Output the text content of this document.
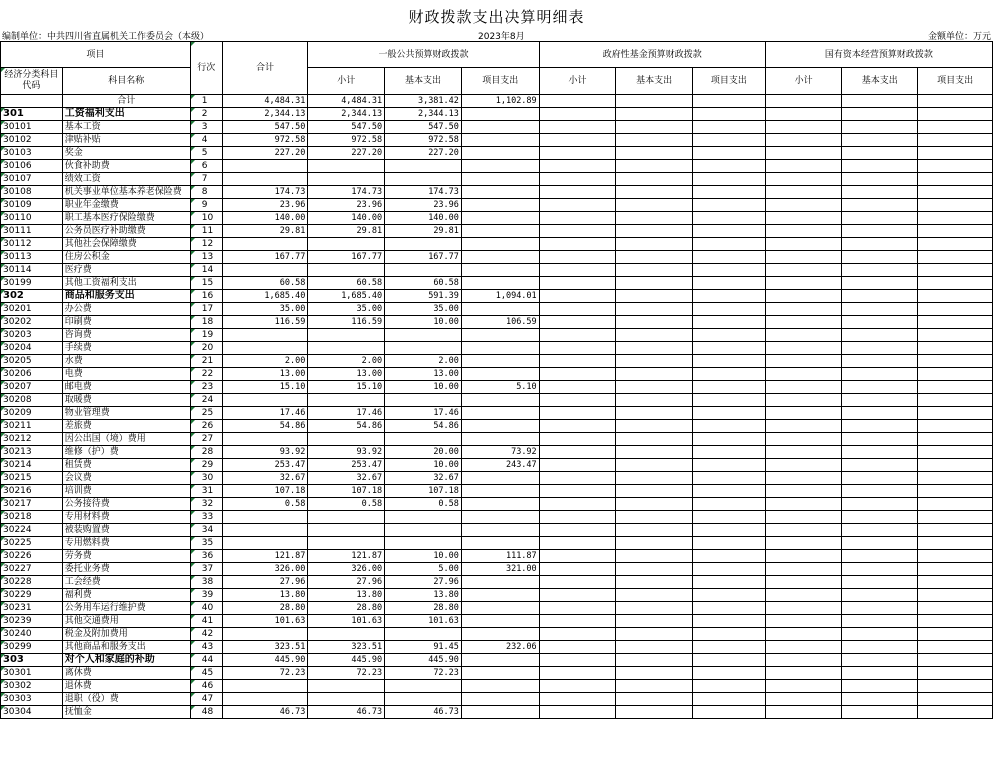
财政拨款支出决算明细表
编制单位：中共四川省直属机关工作委员会（本级）	2023年8月	金额单位：万元
项目		行次	合计	一般公共预算财政拨款			政府性基金预算财政拨款			国有资本经营预算财政拨款		
经济分类科目代码	科目名称			小计	基本支出	项目支出	小计	基本支出	项目支出	小计	基本支出	项目支出
	合计	1	4,484.31	4,484.31	3,381.42	1,102.89						
301	工资福利支出	2	2,344.13	2,344.13	2,344.13							
30101	基本工资	3	547.50	547.50	547.50							
30102	津贴补贴	4	972.58	972.58	972.58							
30103	奖金	5	227.20	227.20	227.20							
30106	伙食补助费	6										
30107	绩效工资	7										
30108	机关事业单位基本养老保险费	8	174.73	174.73	174.73							
30109	职业年金缴费	9	23.96	23.96	23.96							
30110	职工基本医疗保险缴费	10	140.00	140.00	140.00							
30111	公务员医疗补助缴费	11	29.81	29.81	29.81							
30112	其他社会保障缴费	12										
30113	住房公积金	13	167.77	167.77	167.77							
30114	医疗费	14										
30199	其他工资福利支出	15	60.58	60.58	60.58							
302	商品和服务支出	16	1,685.40	1,685.40	591.39	1,094.01						
30201	办公费	17	35.00	35.00	35.00							
30202	印刷费	18	116.59	116.59	10.00	106.59						
30203	咨询费	19										
30204	手续费	20										
30205	水费	21	2.00	2.00	2.00							
30206	电费	22	13.00	13.00	13.00							
30207	邮电费	23	15.10	15.10	10.00	5.10						
30208	取暖费	24										
30209	物业管理费	25	17.46	17.46	17.46							
30211	差旅费	26	54.86	54.86	54.86							
30212	因公出国（境）费用	27										
30213	维修（护）费	28	93.92	93.92	20.00	73.92						
30214	租赁费	29	253.47	253.47	10.00	243.47						
30215	会议费	30	32.67	32.67	32.67							
30216	培训费	31	107.18	107.18	107.18							
30217	公务接待费	32	0.58	0.58	0.58							
30218	专用材料费	33										
30224	被装购置费	34										
30225	专用燃料费	35										
30226	劳务费	36	121.87	121.87	10.00	111.87						
30227	委托业务费	37	326.00	326.00	5.00	321.00						
30228	工会经费	38	27.96	27.96	27.96							
30229	福利费	39	13.80	13.80	13.80							
30231	公务用车运行维护费	40	28.80	28.80	28.80							
30239	其他交通费用	41	101.63	101.63	101.63							
30240	税金及附加费用	42										
30299	其他商品和服务支出	43	323.51	323.51	91.45	232.06						
303	对个人和家庭的补助	44	445.90	445.90	445.90							
30301	离休费	45	72.23	72.23	72.23							
30302	退休费	46										
30303	退职（役）费	47										
30304	抚恤金	48	46.73	46.73	46.73							
